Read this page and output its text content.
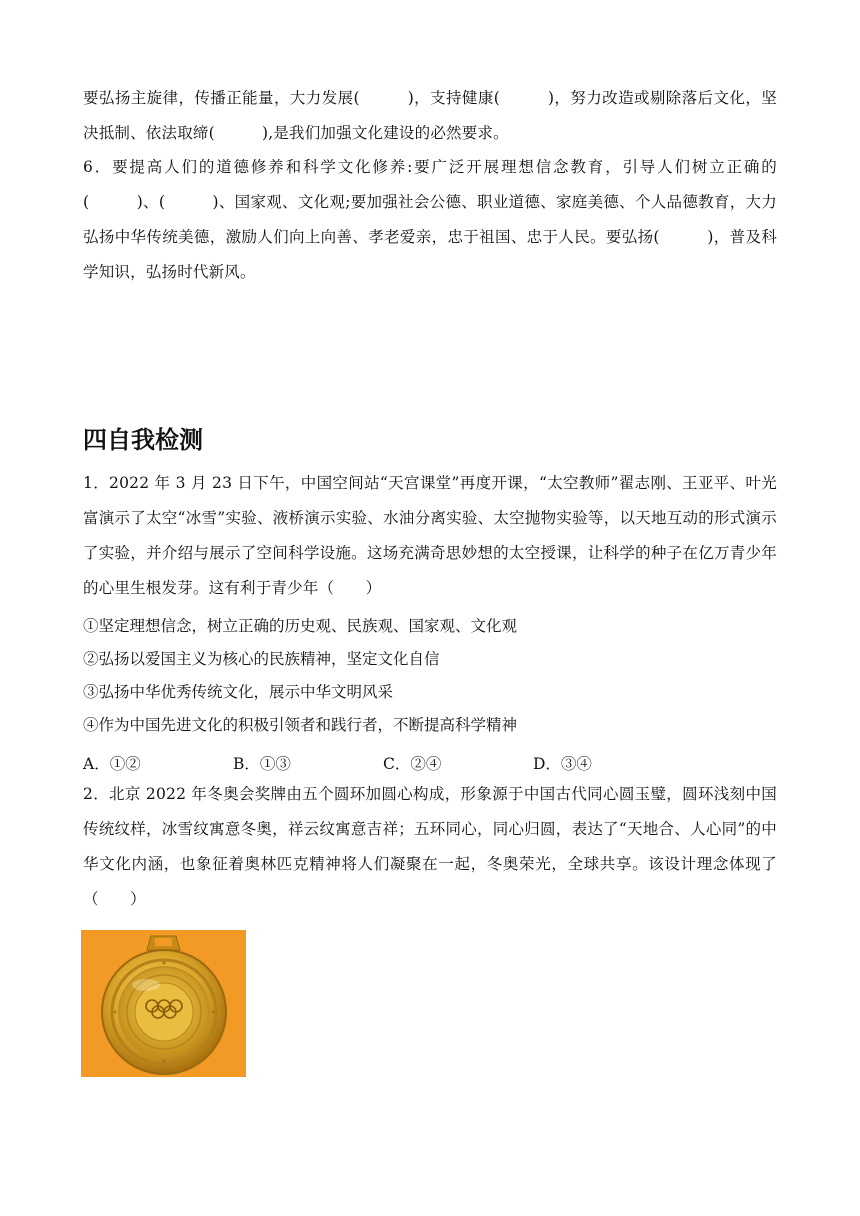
要弘扬主旋律，传播正能量，大力发展(　　　)，支持健康(　　　)，努力改造或剔除落后文化，坚决抵制、依法取缔(　　　),是我们加强文化建设的必然要求。

6．要提高人们的道德修养和科学文化修养:要广泛开展理想信念教育，引导人们树立正确的(　　　)、(　　　)、国家观、文化观;要加强社会公德、职业道德、家庭美德、个人品德教育，大力弘扬中华传统美德，激励人们向上向善、孝老爱亲，忠于祖国、忠于人民。要弘扬(　　　)，普及科学知识，弘扬时代新风。

四自我检测

1．2022 年 3 月 23 日下午，中国空间站“天宫课堂”再度开课，“太空教师”翟志刚、王亚平、叶光富演示了太空“冰雪”实验、液桥演示实验、水油分离实验、太空抛物实验等，以天地互动的形式演示了实验，并介绍与展示了空间科学设施。这场充满奇思妙想的太空授课，让科学的种子在亿万青少年的心里生根发芽。这有利于青少年（　　）

①坚定理想信念，树立正确的历史观、民族观、国家观、文化观
②弘扬以爱国主义为核心的民族精神，坚定文化自信
③弘扬中华优秀传统文化，展示中华文明风采
④作为中国先进文化的积极引领者和践行者，不断提高科学精神
A．①②	B．①③	C．②④	D．③④

2．北京 2022 年冬奥会奖牌由五个圆环加圆心构成，形象源于中国古代同心圆玉璧，圆环浅刻中国传统纹样，冰雪纹寓意冬奥，祥云纹寓意吉祥；五环同心，同心归圆，表达了“天地合、人心同”的中华文化内涵，也象征着奥林匹克精神将人们凝聚在一起，冬奥荣光，全球共享。该设计理念体现了（　　）
